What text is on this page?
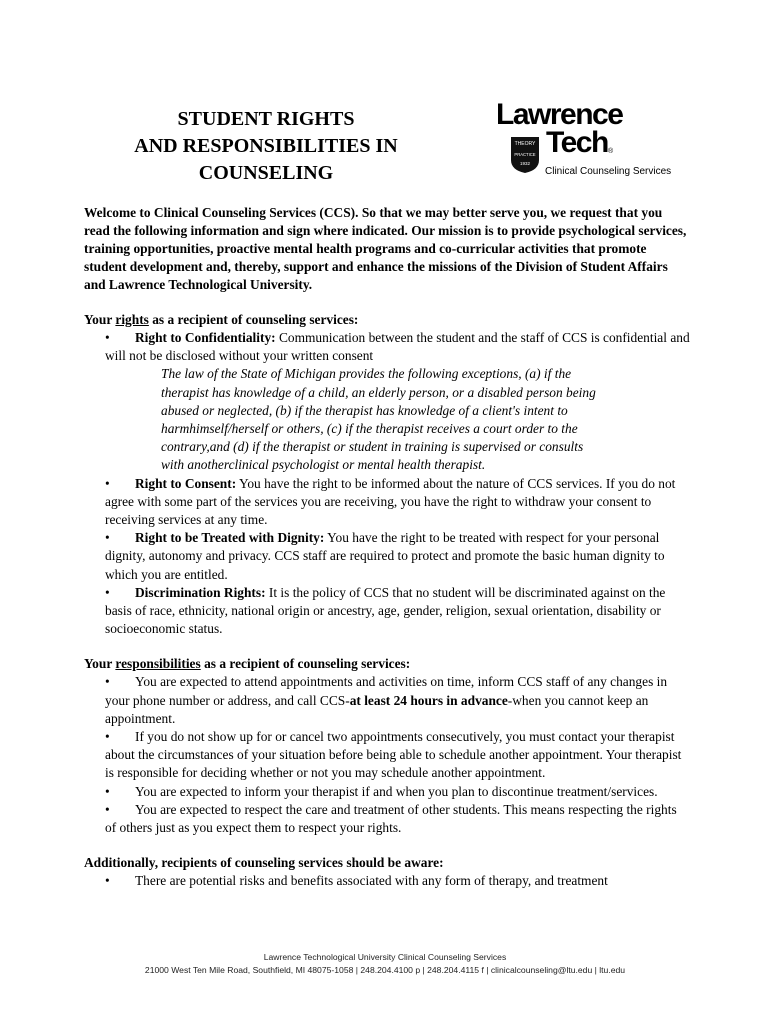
STUDENT RIGHTS
AND RESPONSIBILITIES IN
COUNSELING
Lawrence
THEORY
PRACTICE
1932
Tech ®
Clinical Counseling Services

Welcome to Clinical Counseling Services (CCS). So that we may better serve you, we request that you read the following information and sign where indicated. Our mission is to provide psychological services, training opportunities, proactive mental health programs and co-curricular activities that promote student development and, thereby, support and enhance the missions of the Division of Student Affairs and Lawrence Technological University.

Your rights as a recipient of counseling services:

• Right to Confidentiality: Communication between the student and the staff of CCS is confidential and will not be disclosed without your written consent
The law of the State of Michigan provides the following exceptions, (a) if the therapist has knowledge of a child, an elderly person, or a disabled person being abused or neglected, (b) if the therapist has knowledge of a client's intent to harmhimself/herself or others, (c) if the therapist receives a court order to the contrary,and (d) if the therapist or student in training is supervised or consults with anotherclinical psychologist or mental health therapist.
• Right to Consent: You have the right to be informed about the nature of CCS services. If you do not agree with some part of the services you are receiving, you have the right to withdraw your consent to receiving services at any time.
• Right to be Treated with Dignity: You have the right to be treated with respect for your personal dignity, autonomy and privacy. CCS staff are required to protect and promote the basic human dignity to which you are entitled.
• Discrimination Rights: It is the policy of CCS that no student will be discriminated against on the basis of race, ethnicity, national origin or ancestry, age, gender, religion, sexual orientation, disability or socioeconomic status.

Your responsibilities as a recipient of counseling services:

• You are expected to attend appointments and activities on time, inform CCS staff of any changes in your phone number or address, and call CCS-at least 24 hours in advance-when you cannot keep an appointment.
• If you do not show up for or cancel two appointments consecutively, you must contact your therapist about the circumstances of your situation before being able to schedule another appointment. Your therapist is responsible for deciding whether or not you may schedule another appointment.
• You are expected to inform your therapist if and when you plan to discontinue treatment/services.
• You are expected to respect the care and treatment of other students. This means respecting the rights of others just as you expect them to respect your rights.

Additionally, recipients of counseling services should be aware:

• There are potential risks and benefits associated with any form of therapy, and treatment
Lawrence Technological University Clinical Counseling Services
21000 West Ten Mile Road, Southfield, MI 48075-1058 | 248.204.4100 p | 248.204.4115 f | clinicalcounseling@ltu.edu | ltu.edu
